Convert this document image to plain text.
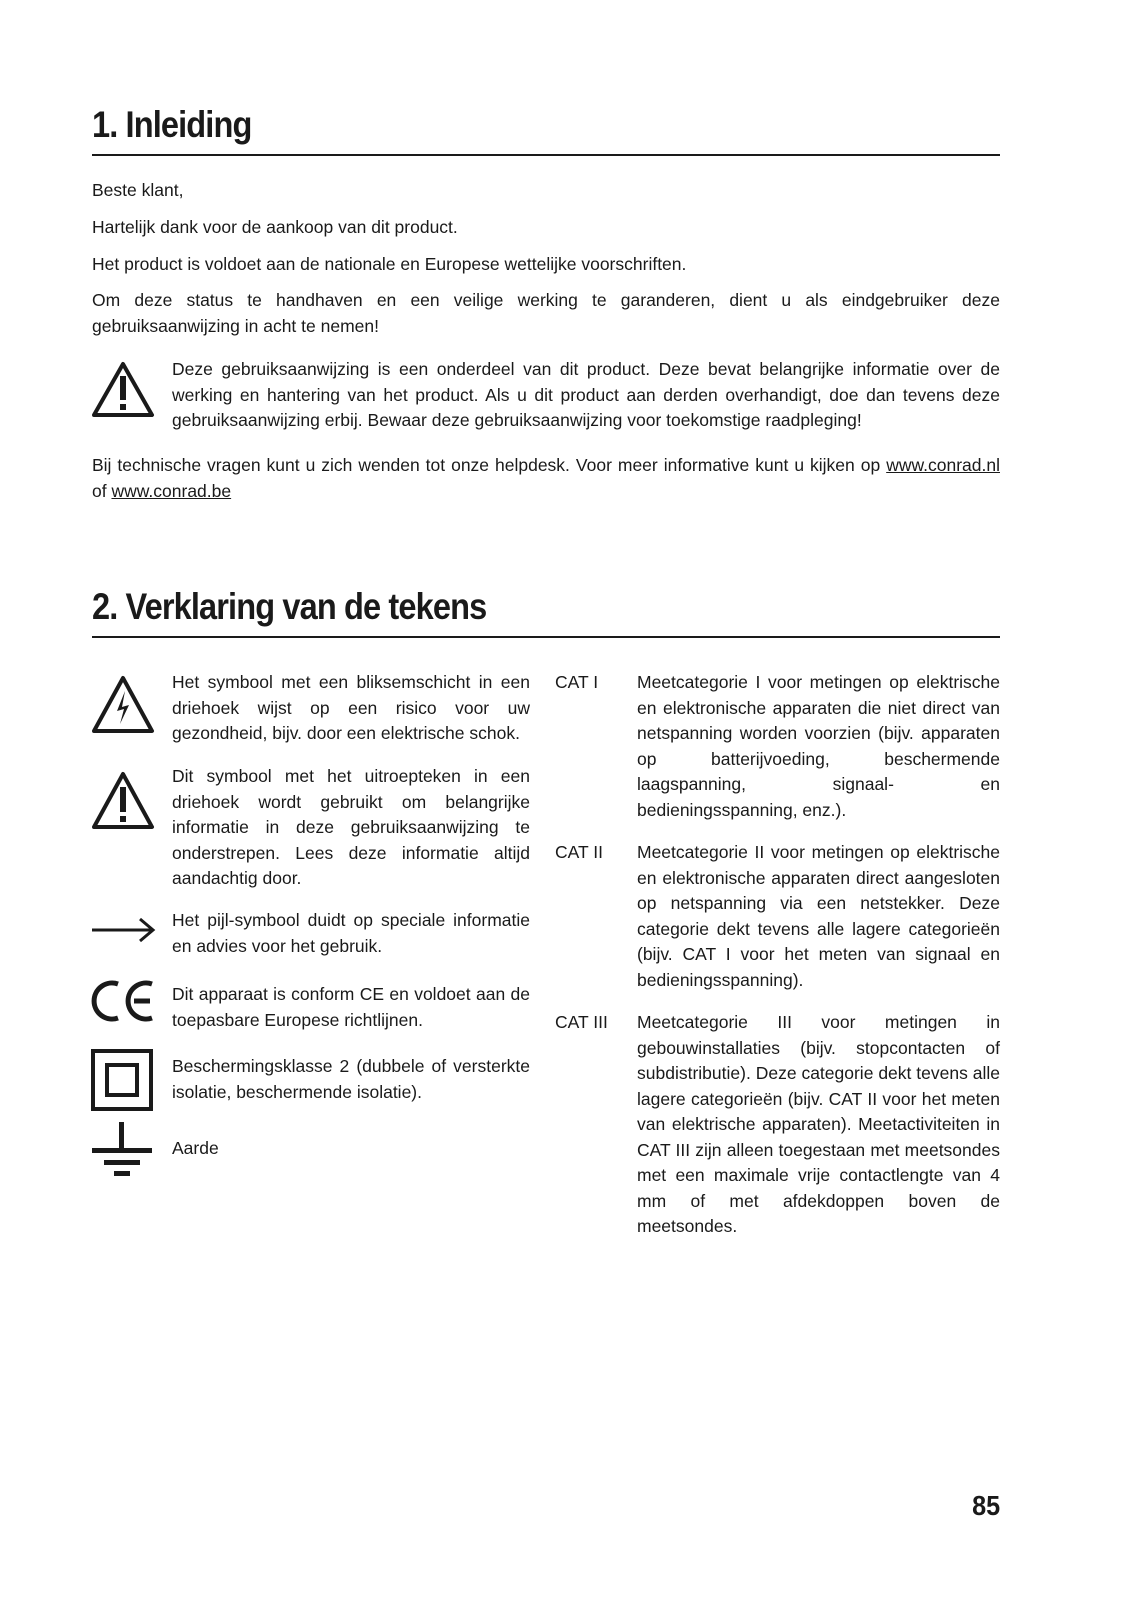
1. Inleiding

Beste klant,

Hartelijk dank voor de aankoop van dit product.

Het product is voldoet aan de nationale en Europese wettelijke voorschriften.

Om deze status te handhaven en een veilige werking te garanderen, dient u als eindgebruiker deze gebruiksaanwijzing in acht te nemen!

Deze gebruiksaanwijzing is een onderdeel van dit product. Deze bevat belangrijke informatie over de werking en hantering van het product. Als u dit product aan derden overhandigt, doe dan tevens deze gebruiksaanwijzing erbij. Bewaar deze gebruiksaanwijzing voor toekomstige raadpleging!

Bij technische vragen kunt u zich wenden tot onze helpdesk. Voor meer informative kunt u kijken op www.conrad.nl of www.conrad.be

2. Verklaring van de tekens
Het symbool met een bliksemschicht in een driehoek wijst op een risico voor uw gezondheid, bijv. door een elektrische schok.
Dit symbool met het uitroepteken in een driehoek wordt gebruikt om belangrijke informatie in deze gebruiksaanwijzing te onderstrepen. Lees deze informatie altijd aandachtig door.
Het pijl-symbool duidt op speciale informatie en advies voor het gebruik.
Dit apparaat is conform CE en voldoet aan de toepasbare Europese richtlijnen.
Beschermingsklasse 2 (dubbele of versterkte isolatie, beschermende isolatie).
Aarde
CAT I Meetcategorie I voor metingen op elektrische en elektronische apparaten die niet direct van netspanning worden voorzien (bijv. apparaten op batterijvoeding, beschermende laagspanning, signaal- en bedieningsspanning, enz.).
CAT II Meetcategorie II voor metingen op elektrische en elektronische apparaten direct aangesloten op netspanning via een netstekker. Deze categorie dekt tevens alle lagere categorieën (bijv. CAT I voor het meten van signaal en bedieningsspanning).
CAT III Meetcategorie III voor metingen in gebouwinstallaties (bijv. stopcontacten of subdistributie). Deze categorie dekt tevens alle lagere categorieën (bijv. CAT II voor het meten van elektrische apparaten). Meetactiviteiten in CAT III zijn alleen toegestaan met meetsondes met een maximale vrije contactlengte van 4 mm of met afdekdoppen boven de meetsondes.
85
